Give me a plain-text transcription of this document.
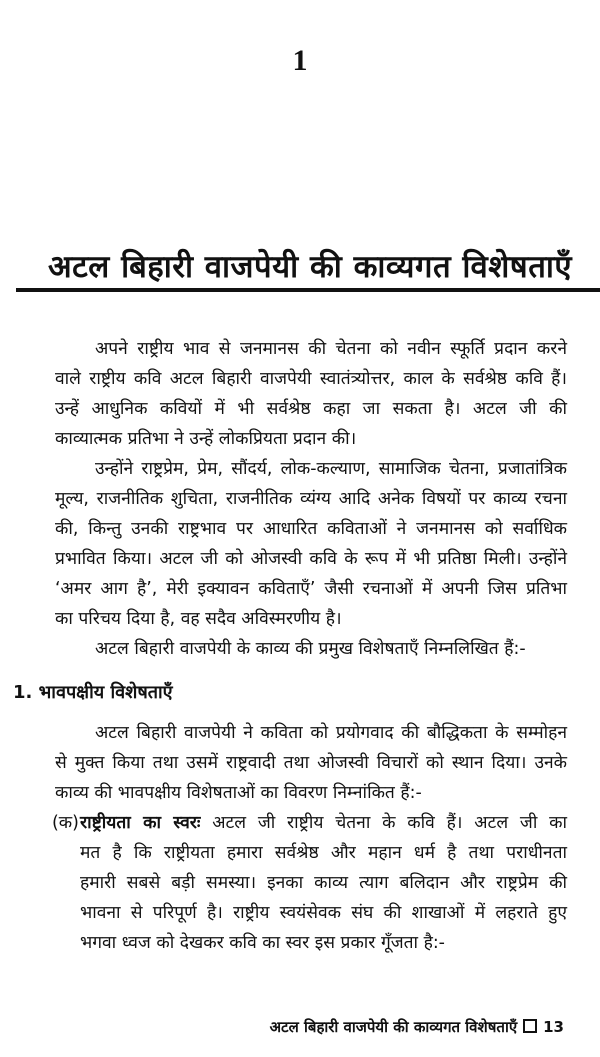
1
अटल बिहारी वाजपेयी की काव्यगत विशेषताएँ

अपने राष्ट्रीय भाव से जनमानस की चेतना को नवीन स्फूर्ति प्रदान करने
वाले राष्ट्रीय कवि अटल बिहारी वाजपेयी स्वातंत्र्योत्तर, काल के सर्वश्रेष्ठ कवि हैं।
उन्हें आधुनिक कवियों में भी सर्वश्रेष्ठ कहा जा सकता है। अटल जी की
काव्यात्मक प्रतिभा ने उन्हें लोकप्रियता प्रदान की।

उन्होंने राष्ट्रप्रेम, प्रेम, सौंदर्य, लोक-कल्याण, सामाजिक चेतना, प्रजातांत्रिक
मूल्य, राजनीतिक शुचिता, राजनीतिक व्यंग्य आदि अनेक विषयों पर काव्य रचना
की, किन्तु उनकी राष्ट्रभाव पर आधारित कविताओं ने जनमानस को सर्वाधिक
प्रभावित किया। अटल जी को ओजस्वी कवि के रूप में भी प्रतिष्ठा मिली। उन्होंने
‘अमर आग है’, मेरी इक्यावन कविताएँ’ जैसी रचनाओं में अपनी जिस प्रतिभा
का परिचय दिया है, वह सदैव अविस्मरणीय है।

अटल बिहारी वाजपेयी के काव्य की प्रमुख विशेषताएँ निम्नलिखित हैं:-

1. भावपक्षीय विशेषताएँ

अटल बिहारी वाजपेयी ने कविता को प्रयोगवाद की बौद्धिकता के सम्मोहन
से मुक्त किया तथा उसमें राष्ट्रवादी तथा ओजस्वी विचारों को स्थान दिया। उनके
काव्य की भावपक्षीय विशेषताओं का विवरण निम्नांकित हैं:-

(क) राष्ट्रीयता का स्वरः अटल जी राष्ट्रीय चेतना के कवि हैं। अटल जी का
मत है कि राष्ट्रीयता हमारा सर्वश्रेष्ठ और महान धर्म है तथा पराधीनता
हमारी सबसे बड़ी समस्या। इनका काव्य त्याग बलिदान और राष्ट्रप्रेम की
भावना से परिपूर्ण है। राष्ट्रीय स्वयंसेवक संघ की शाखाओं में लहराते हुए
भगवा ध्वज को देखकर कवि का स्वर इस प्रकार गूँजता है:-
अटल बिहारी वाजपेयी की काव्यगत विशेषताएँ 13
